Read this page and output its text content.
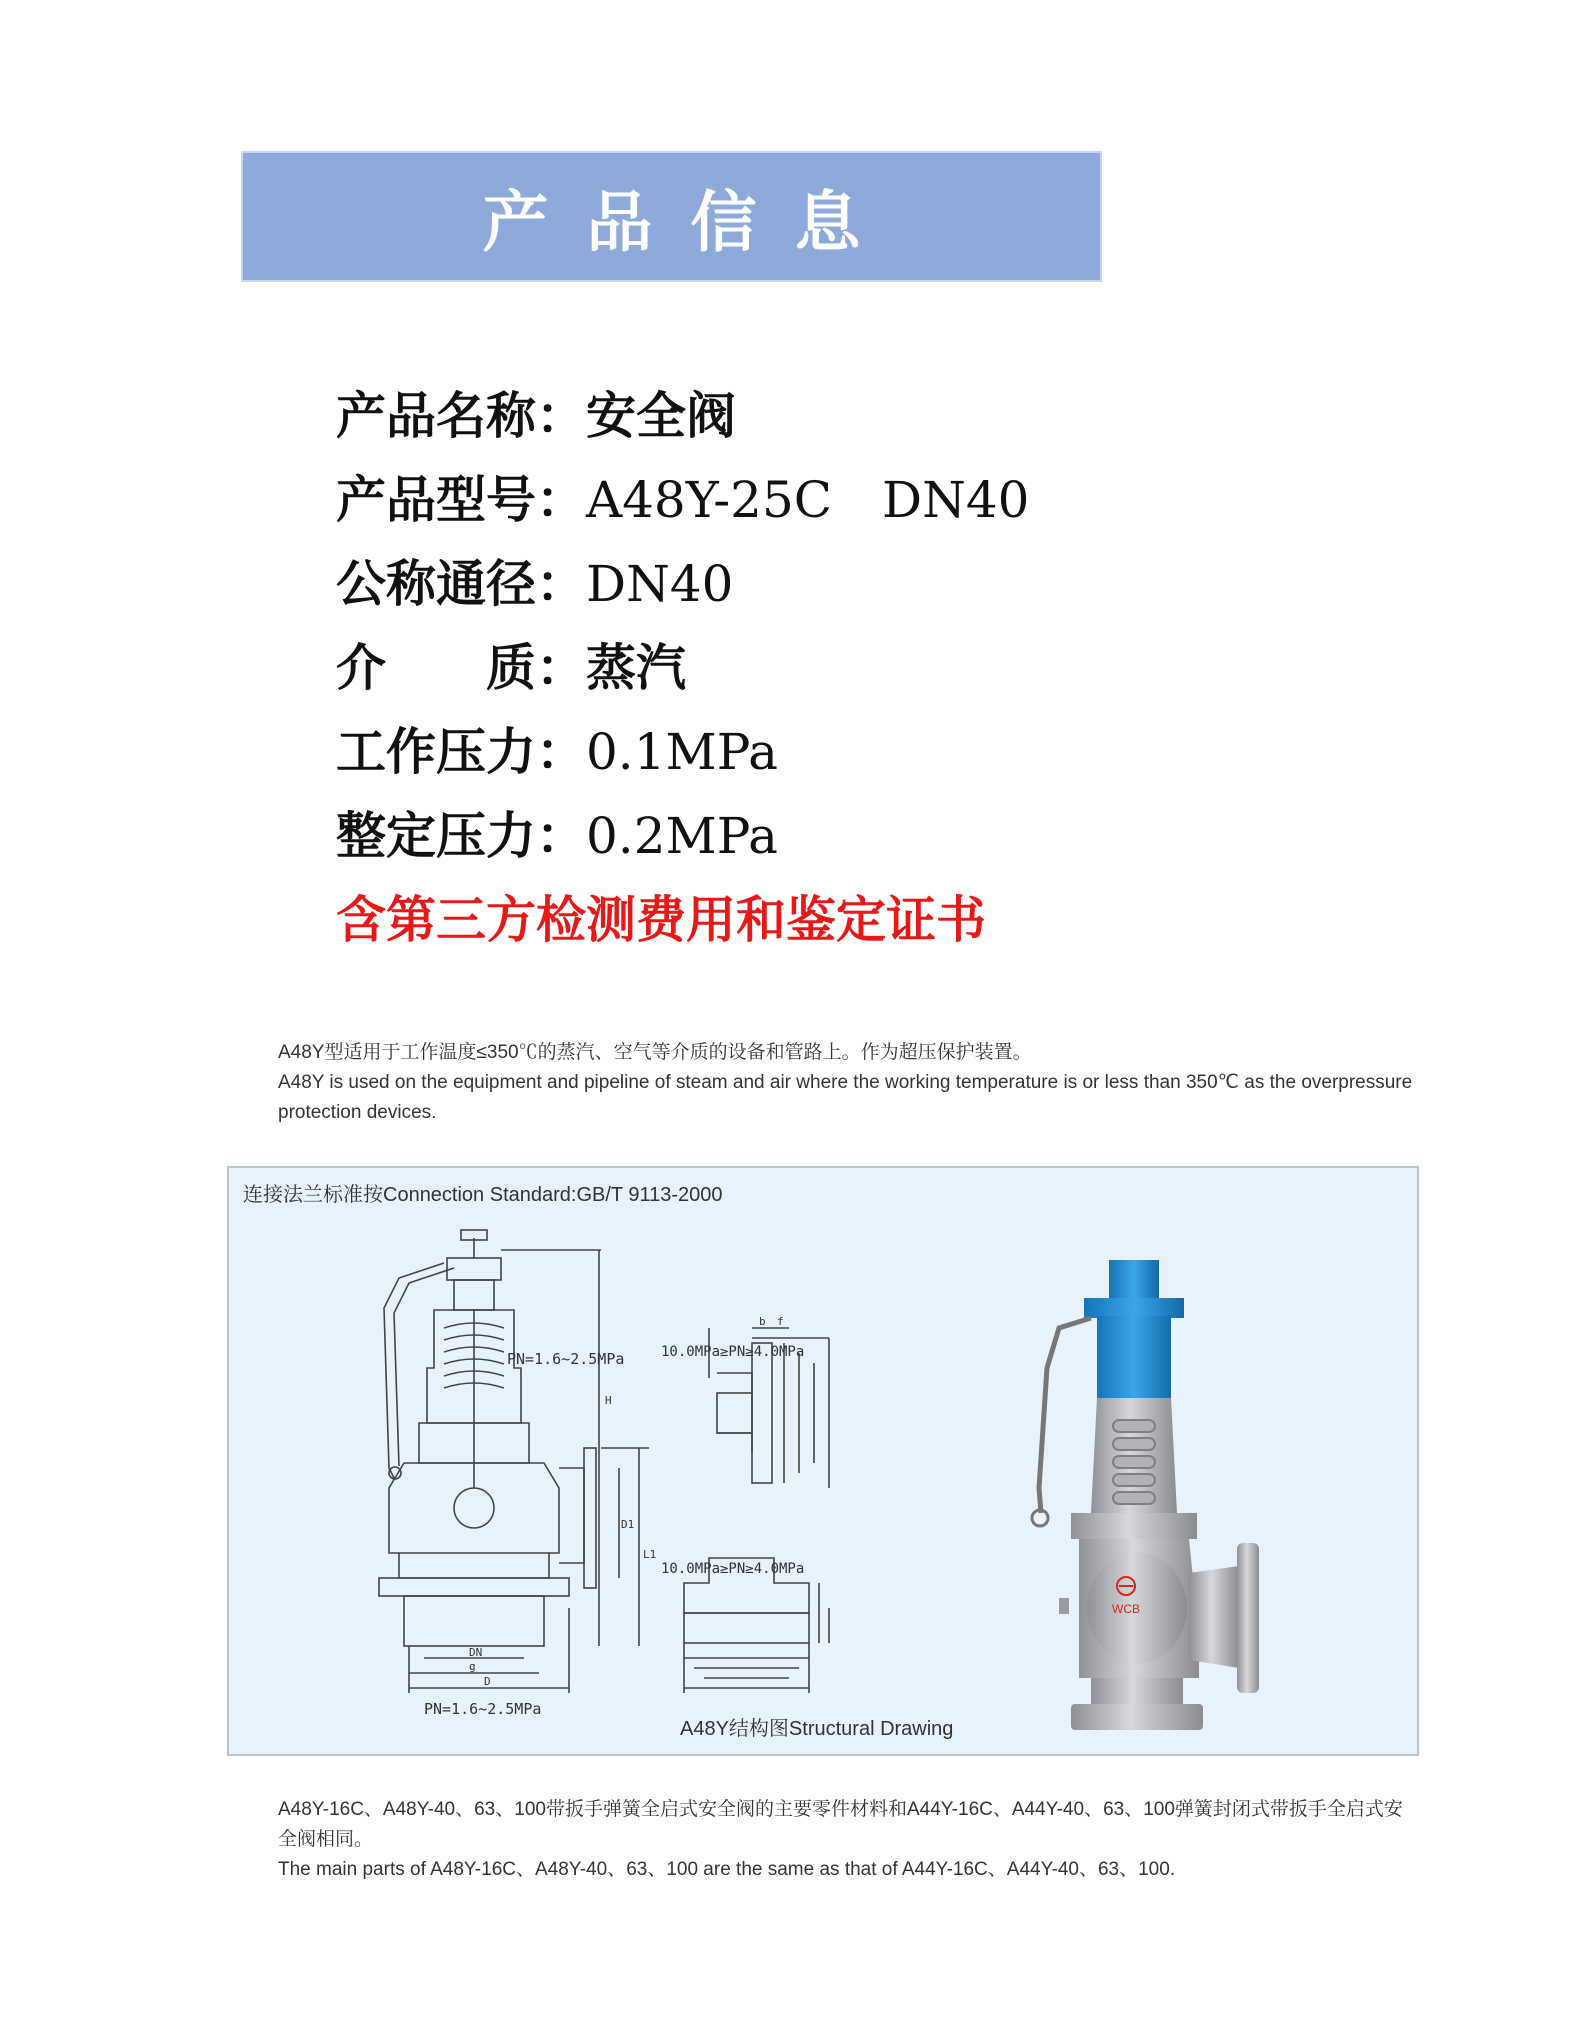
产品信息
产品名称：安全阀
产品型号：A48Y-25C　DN40
公称通径：DN40
介　　质：蒸汽
工作压力：0.1MPa
整定压力：0.2MPa
含第三方检测费用和鉴定证书
A48Y型适用于工作温度≤350℃的蒸汽、空气等介质的设备和管路上。作为超压保护装置。
A48Y is used on the equipment and pipeline of steam and air where the working temperature is or less than 350℃ as the overpressure protection devices.
连接法兰标准按Connection Standard:GB/T 9113-2000
PN=1.6~2.5MPa
PN=1.6~2.5MPa
10.0MPa≥PN≥4.0MPa
10.0MPa≥PN≥4.0MPa
H
L1
D1
D
g
DN
f
b
WCB
A48Y结构图Structural Drawing
A48Y-16C、A48Y-40、63、100带扳手弹簧全启式安全阀的主要零件材料和A44Y-16C、A44Y-40、63、100弹簧封闭式带扳手全启式安全阀相同。
The main parts of A48Y-16C、A48Y-40、63、100 are the same as that of A44Y-16C、A44Y-40、63、100.
